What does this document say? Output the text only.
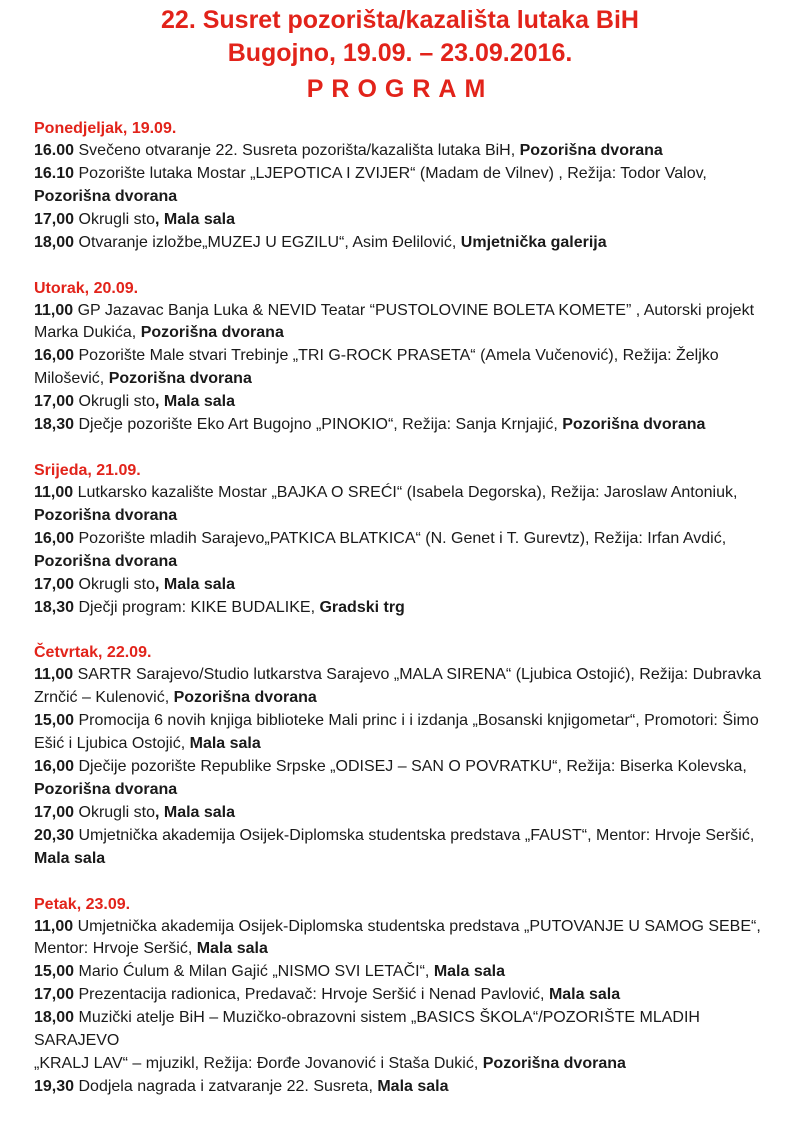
22. Susret pozorišta/kazališta lutaka BiH

Bugojno, 19.09. – 23.09.2016.

PROGRAM

Ponedjeljak, 19.09.

16.00 Svečeno otvaranje 22. Susreta pozorišta/kazališta lutaka BiH, Pozorišna dvorana

16.10 Pozorište lutaka Mostar „LJEPOTICA I ZVIJER“ (Madam de Vilnev) , Režija: Todor Valov, Pozorišna dvorana

17,00 Okrugli sto, Mala sala

18,00 Otvaranje izložbe„MUZEJ U EGZILU“, Asim Đelilović, Umjetnička galerija

Utorak, 20.09.

11,00 GP Jazavac Banja Luka & NEVID Teatar “PUSTOLOVINE BOLETA KOMETE” , Autorski projekt Marka Dukića, Pozorišna dvorana

16,00 Pozorište Male stvari Trebinje „TRI G-ROCK PRASETA“ (Amela Vučenović), Režija: Željko Milošević, Pozorišna dvorana

17,00 Okrugli sto, Mala sala

18,30 Dječje pozorište Eko Art Bugojno „PINOKIO“, Režija: Sanja Krnjajić, Pozorišna dvorana

Srijeda, 21.09.

11,00 Lutkarsko kazalište Mostar „BAJKA O SREĆI“ (Isabela Degorska), Režija: Jaroslaw Antoniuk, Pozorišna dvorana

16,00 Pozorište mladih Sarajevo„PATKICA BLATKICA“ (N. Genet i T. Gurevtz), Režija: Irfan Avdić, Pozorišna dvorana

17,00 Okrugli sto, Mala sala

18,30 Dječji program: KIKE BUDALIKE, Gradski trg

Četvrtak, 22.09.

11,00 SARTR Sarajevo/Studio lutkarstva Sarajevo „MALA SIRENA“ (Ljubica Ostojić), Režija: Dubravka Zrnčić – Kulenović, Pozorišna dvorana

15,00 Promocija 6 novih knjiga biblioteke Mali princ i i izdanja „Bosanski knjigometar“, Promotori: Šimo Ešić i Ljubica Ostojić, Mala sala

16,00 Dječije pozorište Republike Srpske „ODISEJ – SAN O POVRATKU“, Režija: Biserka Kolevska, Pozorišna dvorana

17,00 Okrugli sto, Mala sala

20,30 Umjetnička akademija Osijek-Diplomska studentska predstava „FAUST“, Mentor: Hrvoje Seršić, Mala sala

Petak, 23.09.

11,00 Umjetnička akademija Osijek-Diplomska studentska predstava „PUTOVANJE U SAMOG SEBE“, Mentor: Hrvoje Seršić, Mala sala

15,00 Mario Ćulum & Milan Gajić „NISMO SVI LETAČI“, Mala sala

17,00 Prezentacija radionica, Predavač: Hrvoje Seršić i Nenad Pavlović, Mala sala

18,00 Muzički atelje BiH – Muzičko-obrazovni sistem „BASICS ŠKOLA“/POZORIŠTE MLADIH SARAJEVO

„KRALJ LAV“ – mjuzikl, Režija: Đorđe Jovanović i Staša Dukić, Pozorišna dvorana

19,30 Dodjela nagrada i zatvaranje 22. Susreta, Mala sala
